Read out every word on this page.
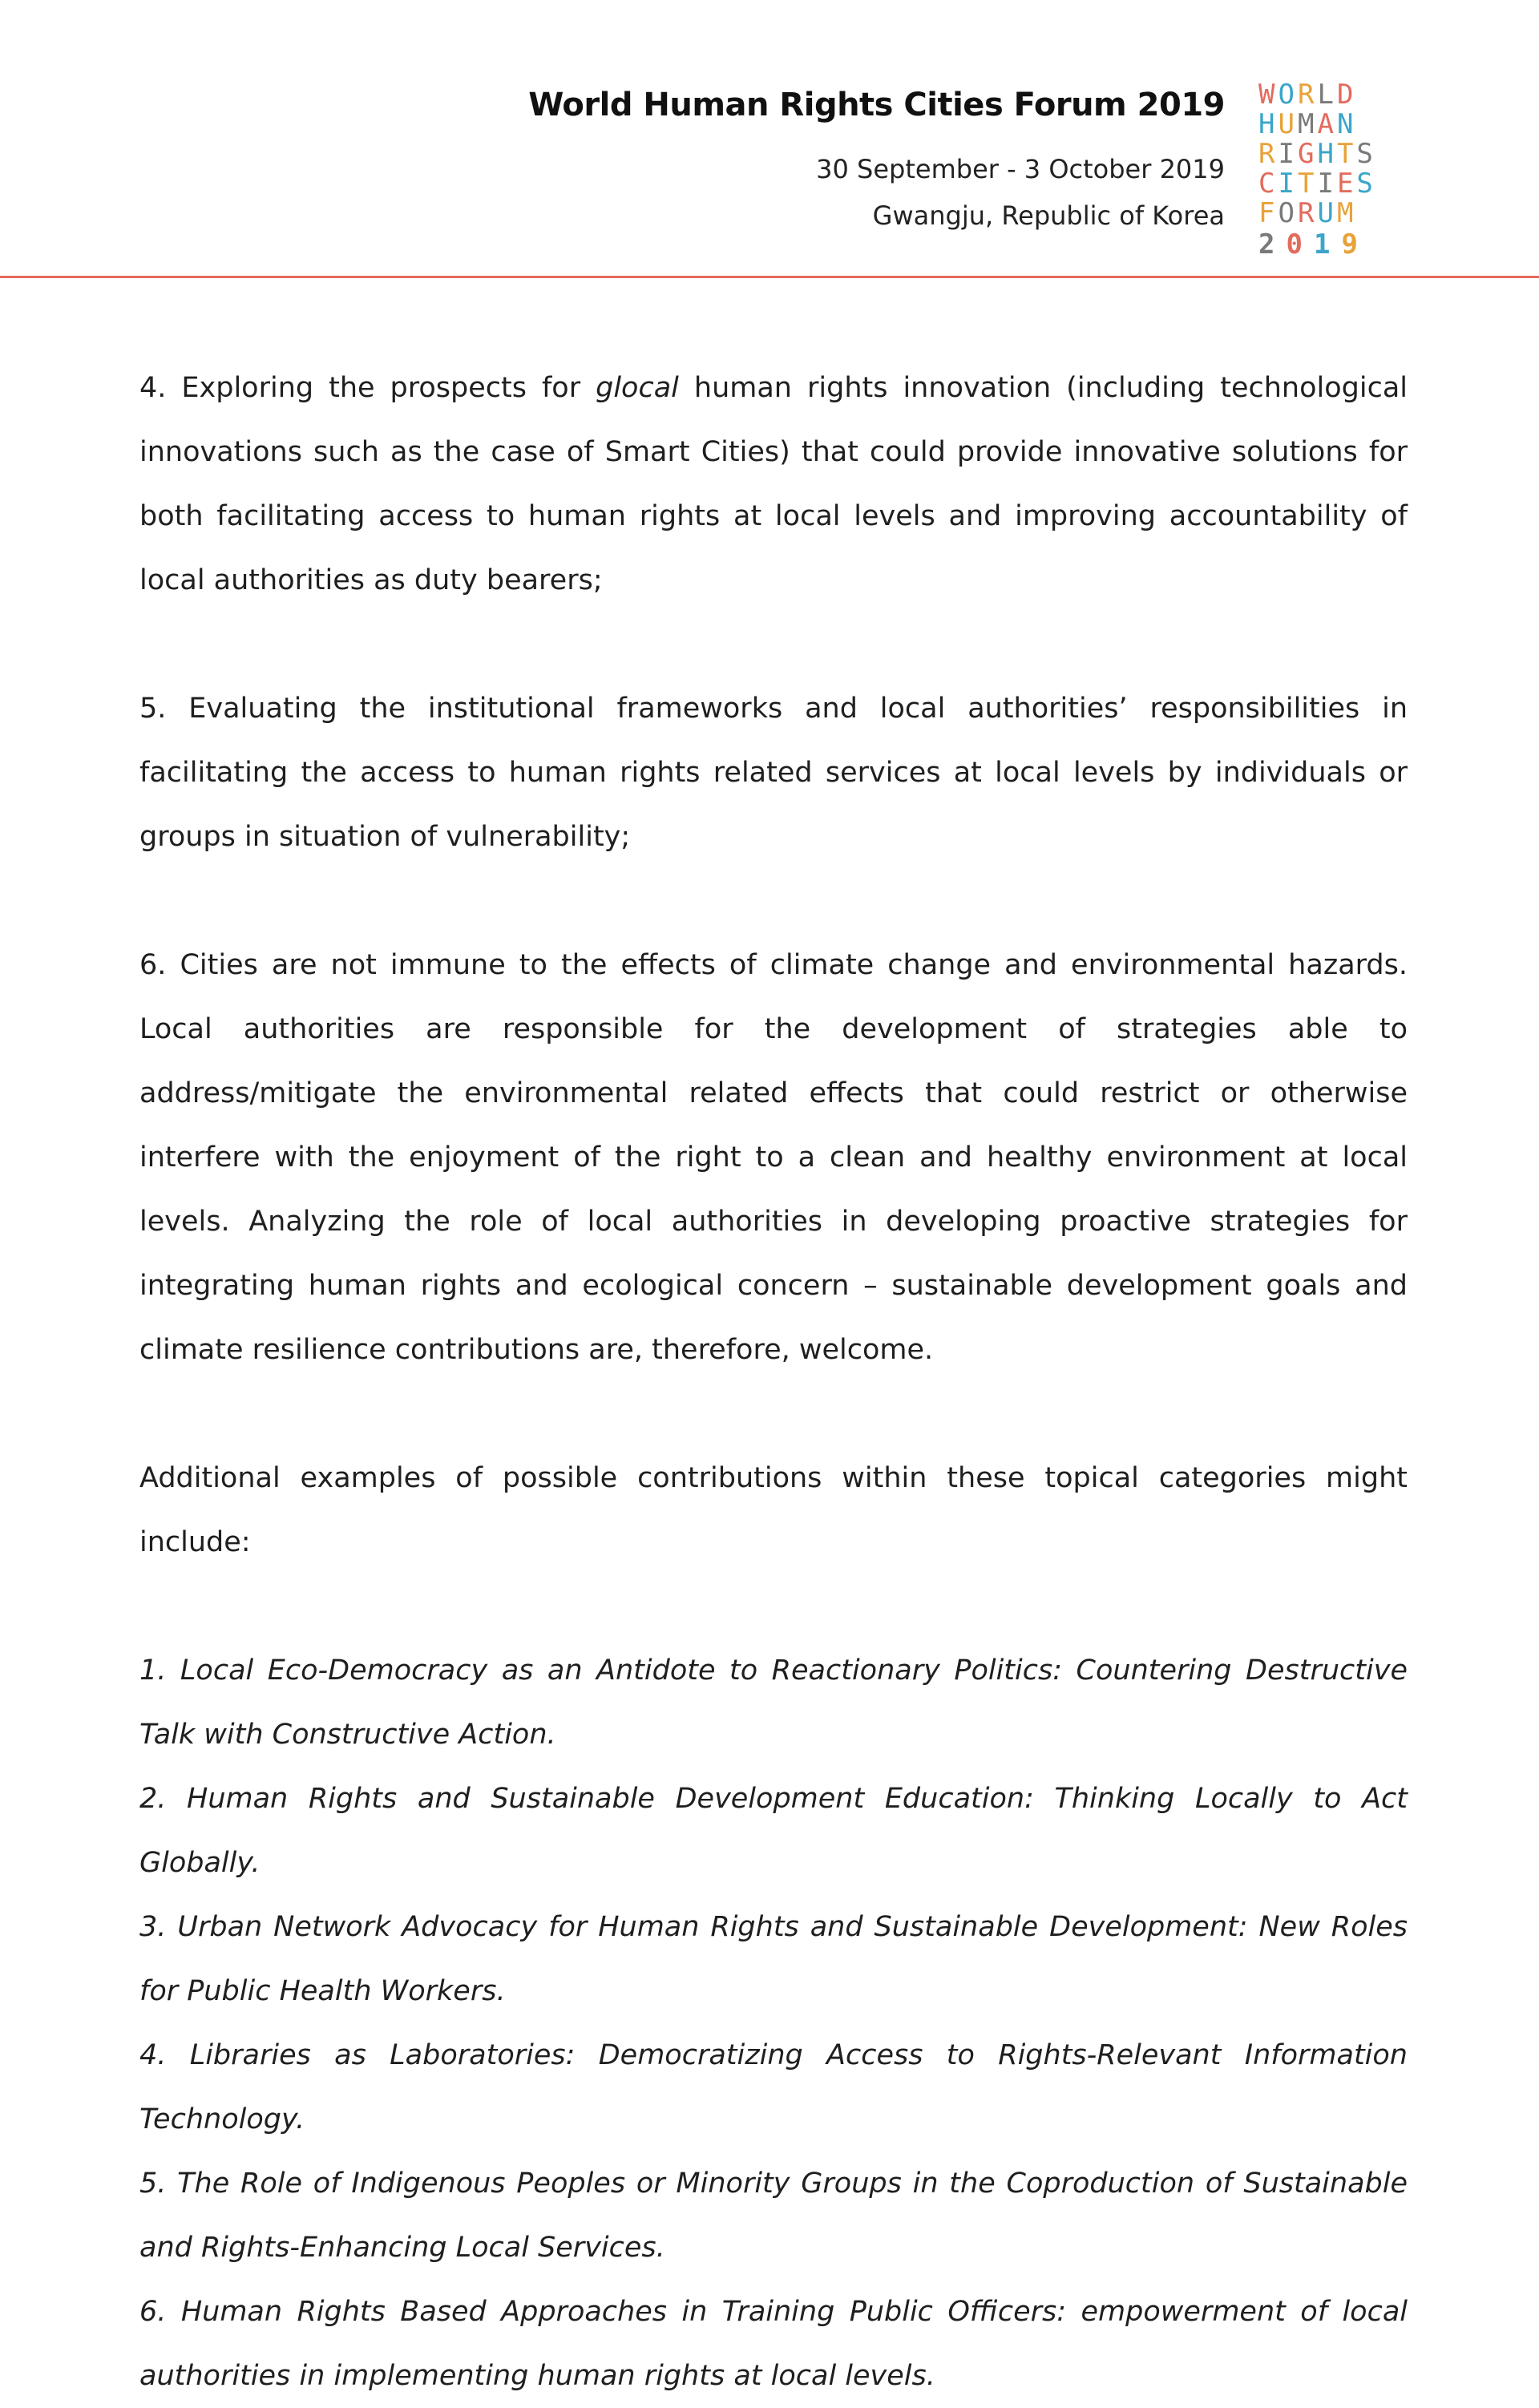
World Human Rights Cities Forum 2019
30 September - 3 October 2019
Gwangju, Republic of Korea
WORLD
HUMAN
RIGHTS
CITIES
FORUM
2019

4. Exploring the prospects for glocal human rights innovation (including technological innovations such as the case of Smart Cities) that could provide innovative solutions for both facilitating access to human rights at local levels and improving accountability of local authorities as duty bearers;

5. Evaluating the institutional frameworks and local authorities’ responsibilities in facilitating the access to human rights related services at local levels by individuals or groups in situation of vulnerability;

6. Cities are not immune to the effects of climate change and environmental hazards. Local authorities are responsible for the development of strategies able to address/mitigate the environmental related effects that could restrict or otherwise interfere with the enjoyment of the right to a clean and healthy environment at local levels. Analyzing the role of local authorities in developing proactive strategies for integrating human rights and ecological concern – sustainable development goals and climate resilience contributions are, therefore, welcome.

Additional examples of possible contributions within these topical categories might include:

1. Local Eco-Democracy as an Antidote to Reactionary Politics: Countering Destructive Talk with Constructive Action.
2. Human Rights and Sustainable Development Education: Thinking Locally to Act Globally.
3. Urban Network Advocacy for Human Rights and Sustainable Development: New Roles for Public Health Workers.
4. Libraries as Laboratories: Democratizing Access to Rights-Relevant Information Technology.
5. The Role of Indigenous Peoples or Minority Groups in the Coproduction of Sustainable and Rights-Enhancing Local Services.
6. Human Rights Based Approaches in Training Public Officers: empowerment of local authorities in implementing human rights at local levels.
